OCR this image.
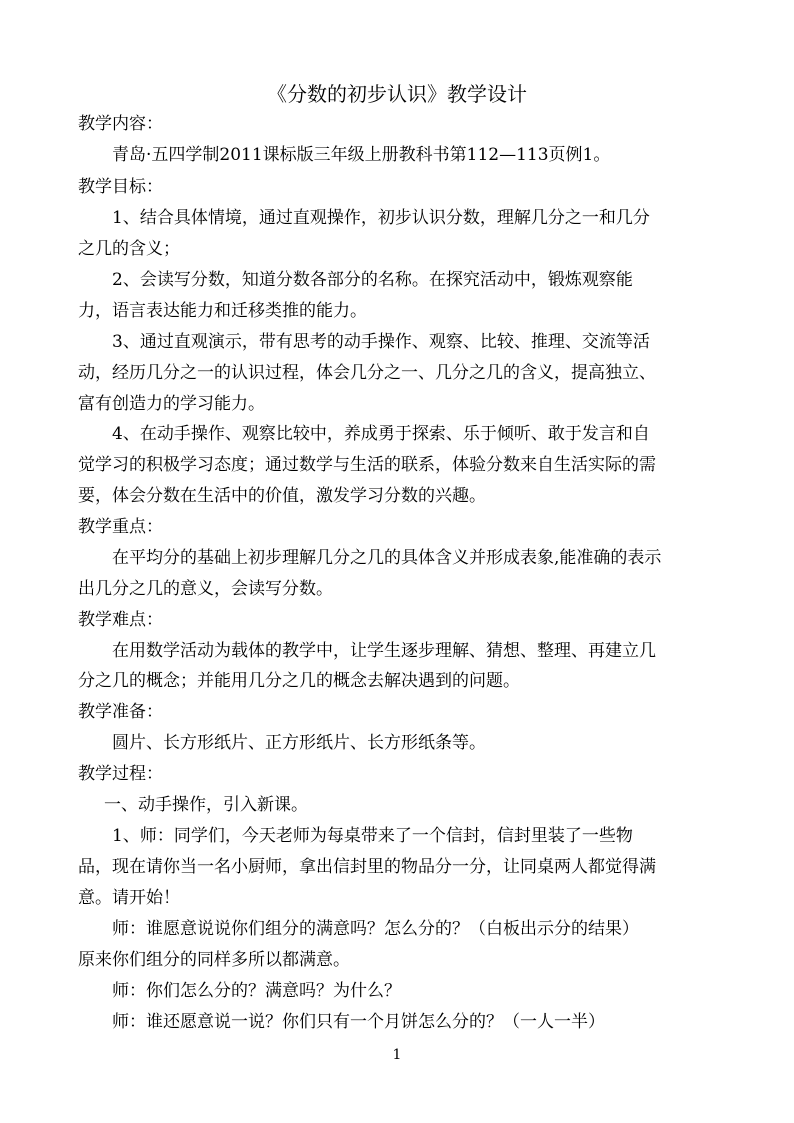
《分数的初步认识》教学设计
教学内容：
青岛·五四学制2011课标版三年级上册教科书第112—113页例1。
教学目标：
1、结合具体情境，通过直观操作，初步认识分数，理解几分之一和几分
之几的含义；
2、会读写分数，知道分数各部分的名称。在探究活动中，锻炼观察能
力，语言表达能力和迁移类推的能力。
3、通过直观演示，带有思考的动手操作、观察、比较、推理、交流等活
动，经历几分之一的认识过程，体会几分之一、几分之几的含义，提高独立、
富有创造力的学习能力。
4、在动手操作、观察比较中，养成勇于探索、乐于倾听、敢于发言和自
觉学习的积极学习态度；通过数学与生活的联系，体验分数来自生活实际的需
要，体会分数在生活中的价值，激发学习分数的兴趣。
教学重点：
在平均分的基础上初步理解几分之几的具体含义并形成表象,能准确的表示
出几分之几的意义，会读写分数。
教学难点：
在用数学活动为载体的教学中，让学生逐步理解、猜想、整理、再建立几
分之几的概念；并能用几分之几的概念去解决遇到的问题。
教学准备：
圆片、长方形纸片、正方形纸片、长方形纸条等。
教学过程：
一、动手操作，引入新课。
1、师：同学们，今天老师为每桌带来了一个信封，信封里装了一些物
品，现在请你当一名小厨师，拿出信封里的物品分一分，让同桌两人都觉得满
意。请开始！
师：谁愿意说说你们组分的满意吗？怎么分的？（白板出示分的结果）
原来你们组分的同样多所以都满意。
师：你们怎么分的？满意吗？为什么？
师：谁还愿意说一说？你们只有一个月饼怎么分的？（一人一半）
1
